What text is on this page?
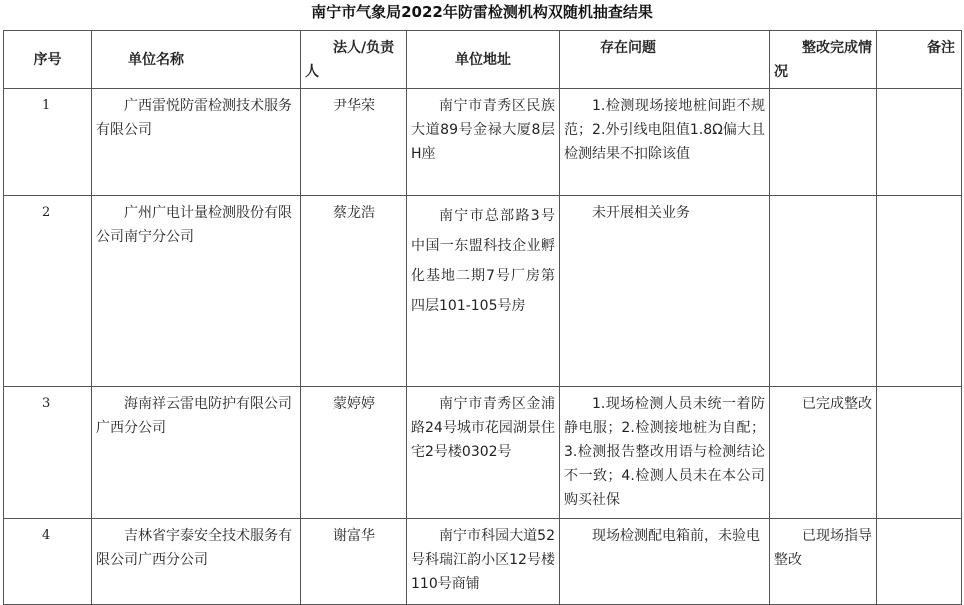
南宁市气象局2022年防雷检测机构双随机抽查结果
序号	单位名称	法人/负责人	单位地址	存在问题	整改完成情况	备注
1	广西雷悦防雷检测技术服务有限公司	尹华荣	南宁市青秀区民族大道89号金禄大厦8层H座	1.检测现场接地桩间距不规范；2.外引线电阻值1.8Ω偏大且检测结果不扣除该值		
2	广州广电计量检测股份有限公司南宁分公司	蔡龙浩	南宁市总部路3号中国一东盟科技企业孵化基地二期7号厂房第四层101-105号房	未开展相关业务		
3	海南祥云雷电防护有限公司广西分公司	蒙婷婷	南宁市青秀区金浦路24号城市花园湖景住宅2号楼0302号	1.现场检测人员未统一着防静电服；2.检测接地桩为自配；3.检测报告整改用语与检测结论不一致；4.检测人员未在本公司购买社保	已完成整改	
4	吉林省宇泰安全技术服务有限公司广西分公司	谢富华	南宁市科园大道52号科瑞江韵小区12号楼110号商铺	现场检测配电箱前，未验电	已现场指导整改	
